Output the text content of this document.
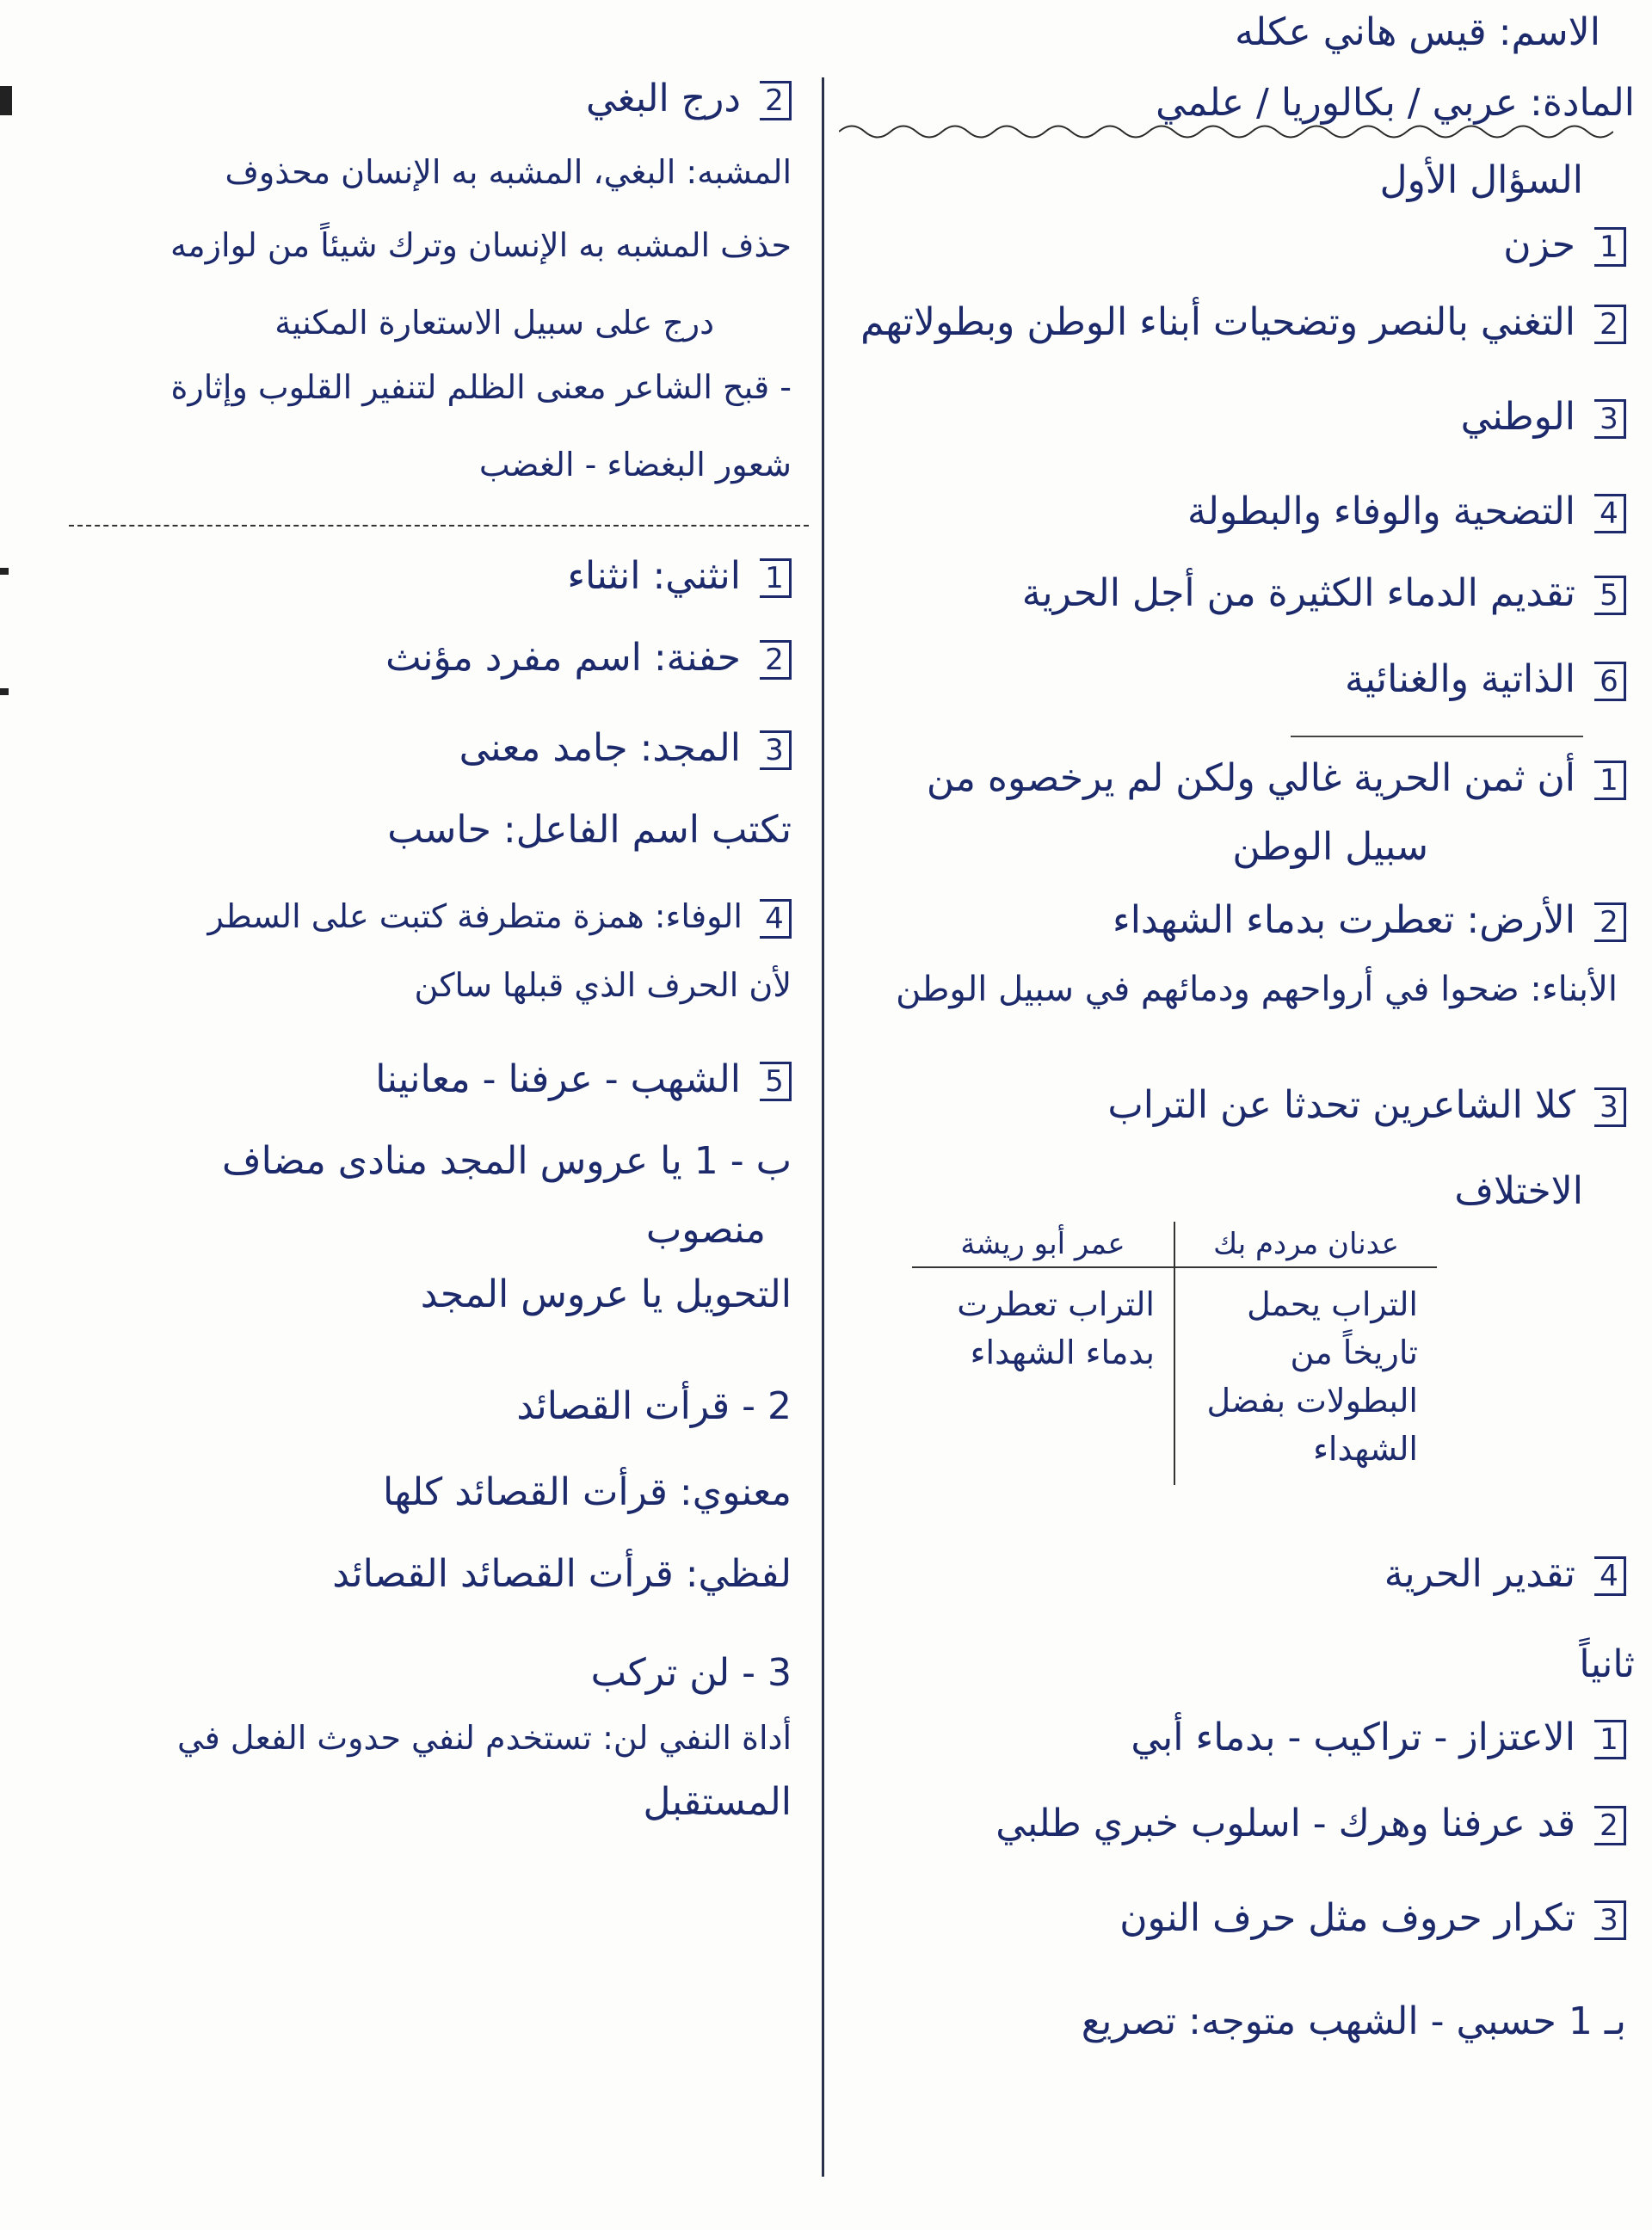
الاسم: قيس هاني عكله
المادة: عربي / بكالوريا / علمي
السؤال الأول
1 حزن
2 التغني بالنصر وتضحيات أبناء الوطن وبطولاتهم
3 الوطني
4 التضحية والوفاء والبطولة
5 تقديم الدماء الكثيرة من أجل الحرية
6 الذاتية والغنائية
1 أن ثمن الحرية غالي ولكن لم يرخصوه من
سبيل الوطن
2 الأرض: تعطرت بدماء الشهداء
الأبناء: ضحوا في أرواحهم ودمائهم في سبيل الوطن
3 كلا الشاعرين تحدثا عن التراب
الاختلاف
عدنان مردم بك	عمر أبو ريشة
التراب يحمل تاريخاً من البطولات بفضل الشهداء	التراب تعطرت بدماء الشهداء
4 تقدير الحرية
ثانياً
1 الاعتزاز - تراكيب - بدماء أبي
2 قد عرفنا وهرك - اسلوب خبري طلبي
3 تكرار حروف مثل حرف النون
بـ 1 حسبي - الشهب متوجه: تصريع
2 درج البغي
المشبه: البغي، المشبه به الإنسان محذوف
حذف المشبه به الإنسان وترك شيئاً من لوازمه
درج على سبيل الاستعارة المكنية
- قبح الشاعر معنى الظلم لتنفير القلوب وإثارة
شعور البغضاء - الغضب
1 انثني: انثناء
2 حفنة: اسم مفرد مؤنث
3 المجد: جامد معنى
تكتب اسم الفاعل: حاسب
4 الوفاء: همزة متطرفة كتبت على السطر
لأن الحرف الذي قبلها ساكن
5 الشهب - عرفنا - معانينا
ب - 1 يا عروس المجد منادى مضاف
منصوب
التحويل يا عروس المجد
2 - قرأت القصائد
معنوي: قرأت القصائد كلها
لفظي: قرأت القصائد القصائد
3 - لن تركب
أداة النفي لن: تستخدم لنفي حدوث الفعل في
المستقبل
